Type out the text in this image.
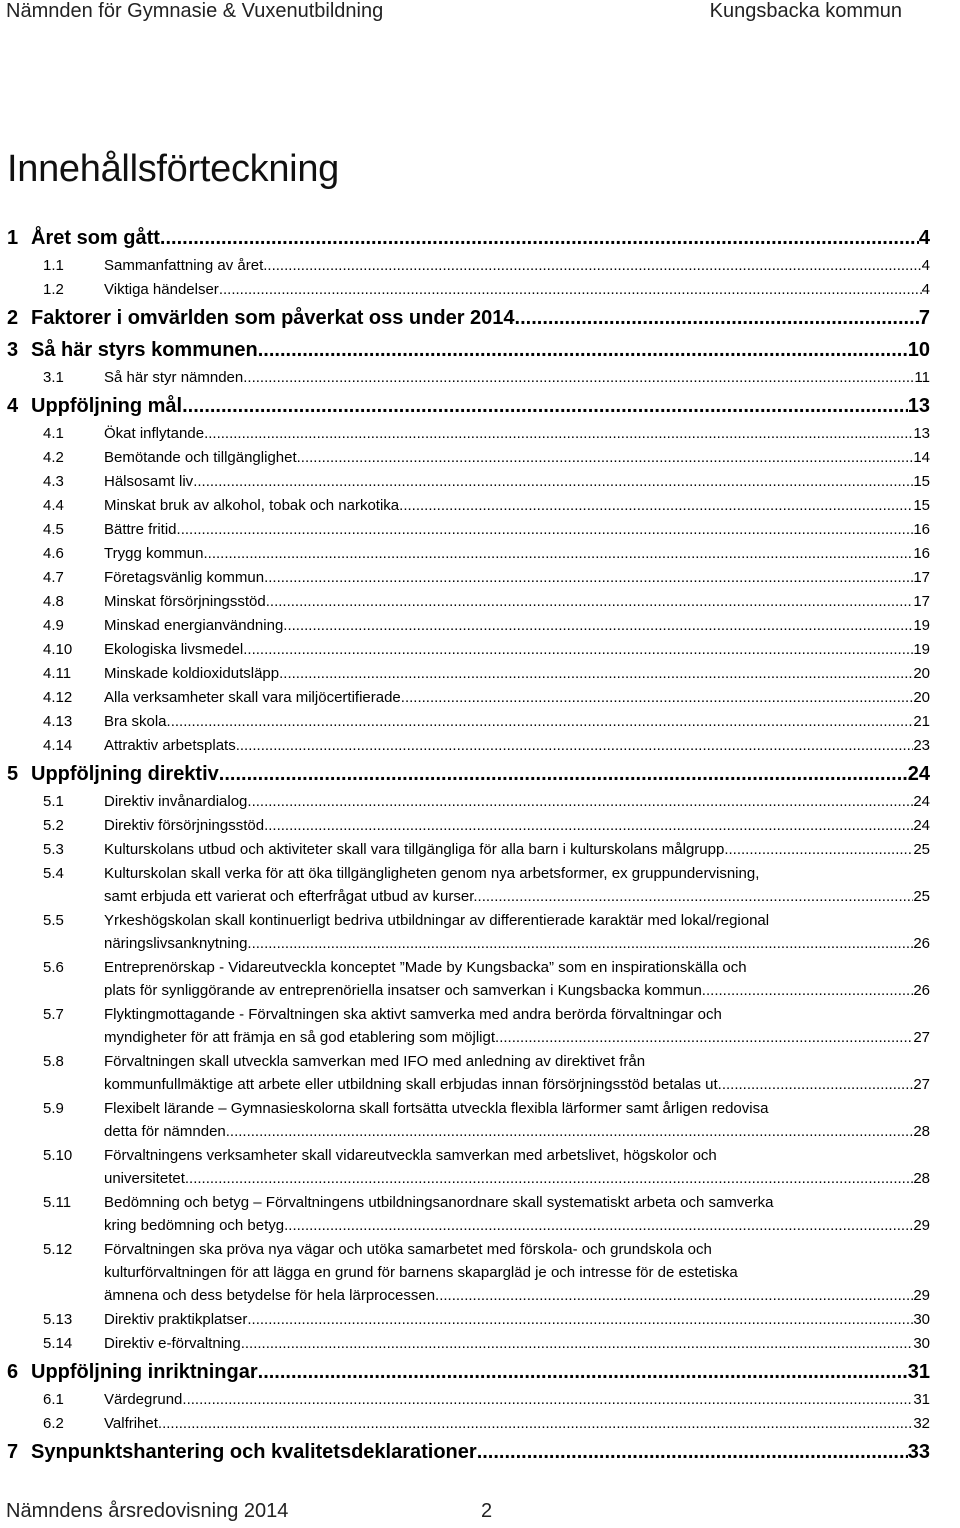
Nämnden för Gymnasie & Vuxenutbildning	Kungsbacka kommun
Innehållsförteckning
1 Året som gått .....	4
1.1	Sammanfattning av året .....	4
1.2	Viktiga händelser .....	4
2 Faktorer i omvärlden som påverkat oss under 2014 .....	7
3 Så här styrs kommunen .....	10
3.1	Så här styr nämnden .....	11
4 Uppföljning mål .....	13
4.1	Ökat inflytande .....	13
4.2	Bemötande och tillgänglighet .....	14
4.3	Hälsosamt liv .....	15
4.4	Minskat bruk av alkohol, tobak och narkotika .....	15
4.5	Bättre fritid .....	16
4.6	Trygg kommun .....	16
4.7	Företagsvänlig kommun .....	17
4.8	Minskat försörjningsstöd .....	17
4.9	Minskad energianvändning .....	19
4.10 Ekologiska livsmedel .....	19
4.11 Minskade koldioxidutsläpp .....	20
4.12 Alla verksamheter skall vara miljöcertifierade .....	20
4.13 Bra skola .....	21
4.14 Attraktiv arbetsplats .....	23
5 Uppföljning direktiv .....	24
5.1	Direktiv invånardialog .....	24
5.2	Direktiv försörjningsstöd .....	24
5.3	Kulturskolans utbud och aktiviteter skall vara tillgängliga för alla barn i kulturskolans målgrupp. .....	25
5.4	Kulturskolan skall verka för att öka tillgängligheten genom nya arbetsformer, ex gruppundervisning,
samt erbjuda ett varierat och efterfrågat utbud av kurser. .....	25
5.5	Yrkeshögskolan skall kontinuerligt bedriva utbildningar av differentierade karaktär med lokal/regional
näringslivsanknytning .....	26
5.6	Entreprenörskap - Vidareutveckla konceptet ”Made by Kungsbacka” som en inspirationskälla och
plats för synliggörande av entreprenöriella insatser och samverkan i Kungsbacka kommun. .....	26
5.7	Flyktingmottagande - Förvaltningen ska aktivt samverka med andra berörda förvaltningar och
myndigheter för att främja en så god etablering som möjligt. .....	27
5.8	Förvaltningen skall utveckla samverkan med IFO med anledning av direktivet från
kommunfullmäktige att arbete eller utbildning skall erbjudas innan försörjningsstöd betalas ut. .....	27
5.9	Flexibelt lärande – Gymnasieskolorna skall fortsätta utveckla flexibla lärformer samt årligen redovisa
detta för nämnden. .....	28
5.10 Förvaltningens verksamheter skall vidareutveckla samverkan med arbetslivet, högskolor och
universitetet. .....	28
5.11 Bedömning och betyg – Förvaltningens utbildningsanordnare skall systematiskt arbeta och samverka
kring bedömning och betyg. .....	29
5.12 Förvaltningen ska pröva nya vägar och utöka samarbetet med förskola- och grundskola och
kulturförvaltningen för att lägga en grund för barnens skapargläd je och intresse för de estetiska
ämnena och dess betydelse för hela lärprocessen. .....	29
5.13 Direktiv praktikplatser .....	30
5.14 Direktiv e-förvaltning .....	30
6 Uppföljning inriktningar .....	31
6.1	Värdegrund .....	31
6.2	Valfrihet .....	32
7 Synpunktshantering och kvalitetsdeklarationer .....	33
Nämndens årsredovisning 2014	2
